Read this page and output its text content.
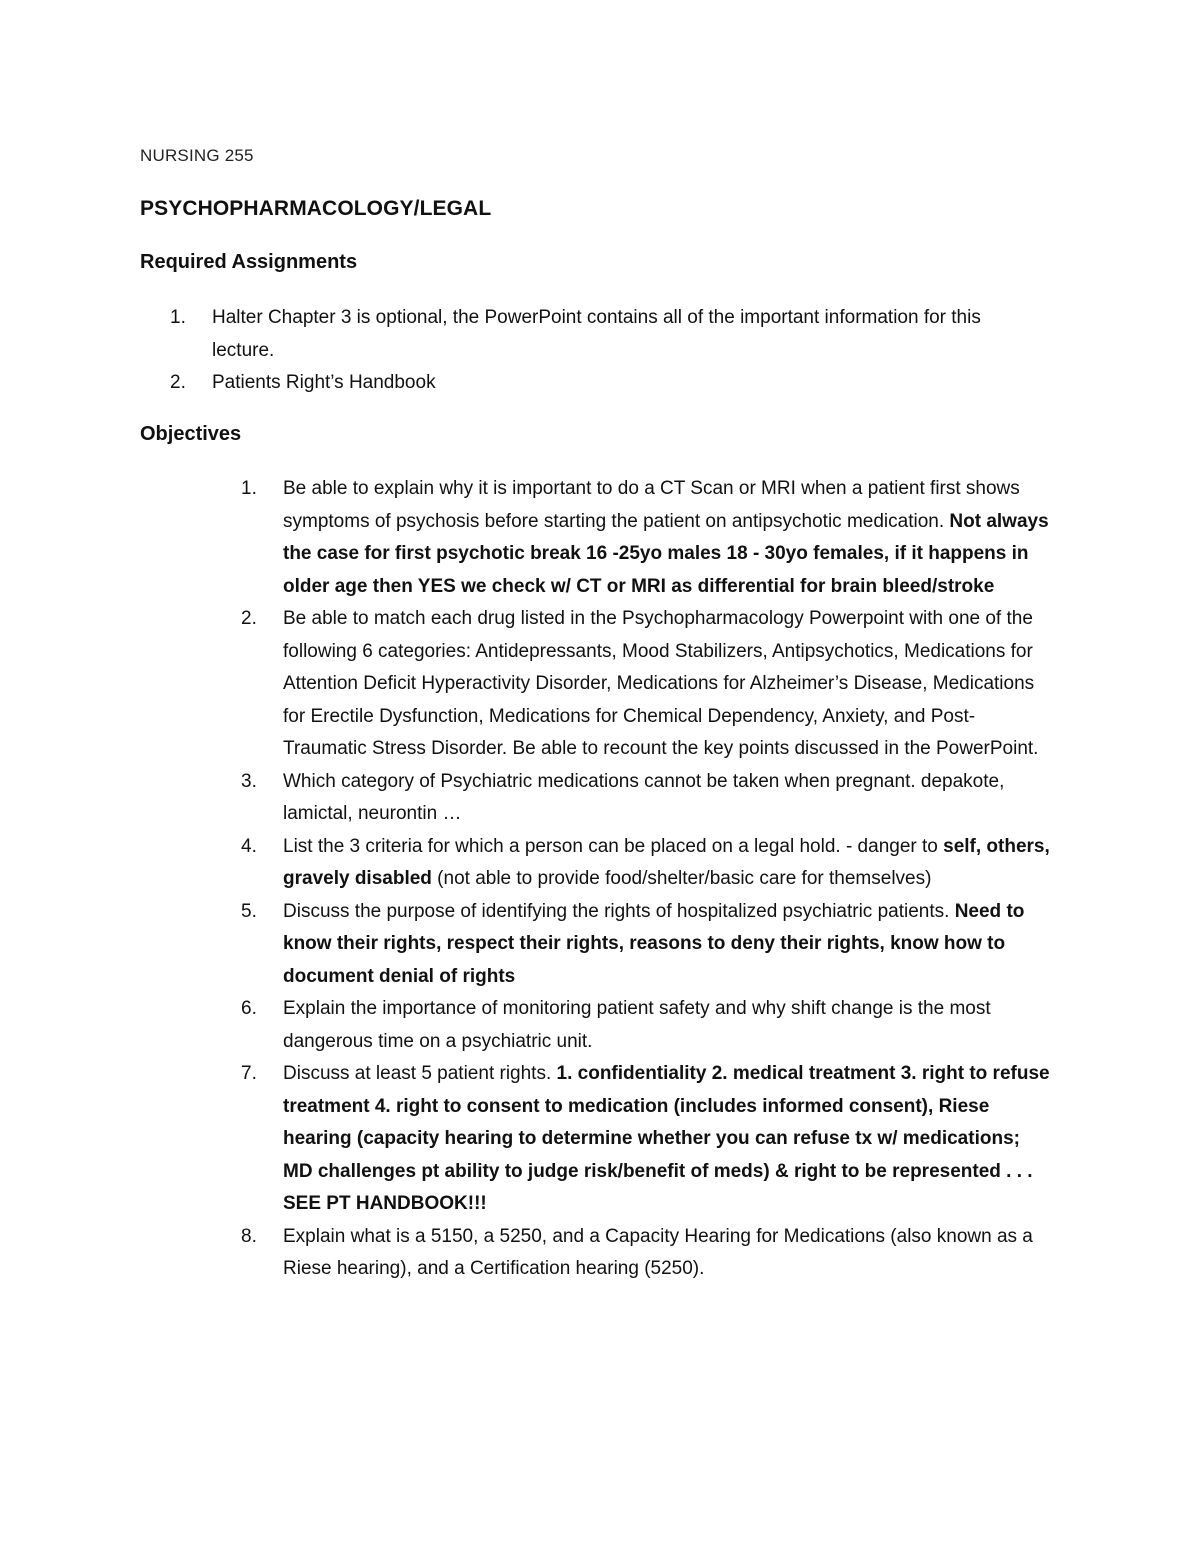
NURSING 255
PSYCHOPHARMACOLOGY/LEGAL
Required Assignments
1.	Halter Chapter 3 is optional, the PowerPoint contains all of the important information for this lecture.
2.	Patients Right’s Handbook
Objectives
1.	Be able to explain why it is important to do a CT Scan or MRI when a patient first shows symptoms of psychosis before starting the patient on antipsychotic medication. Not always the case for first psychotic break 16 -25yo males 18 - 30yo females, if it happens in older age then YES we check w/ CT or MRI as differential for brain bleed/stroke
2.	Be able to match each drug listed in the Psychopharmacology Powerpoint with one of the following 6 categories: Antidepressants, Mood Stabilizers, Antipsychotics, Medications for Attention Deficit Hyperactivity Disorder, Medications for Alzheimer’s Disease, Medications for Erectile Dysfunction, Medications for Chemical Dependency, Anxiety, and Post-Traumatic Stress Disorder. Be able to recount the key points discussed in the PowerPoint.
3.	Which category of Psychiatric medications cannot be taken when pregnant. depakote, lamictal, neurontin …
4.	List the 3 criteria for which a person can be placed on a legal hold. - danger to self, others, gravely disabled (not able to provide food/shelter/basic care for themselves)
5.	Discuss the purpose of identifying the rights of hospitalized psychiatric patients. Need to know their rights, respect their rights, reasons to deny their rights, know how to document denial of rights
6.	Explain the importance of monitoring patient safety and why shift change is the most dangerous time on a psychiatric unit.
7.	Discuss at least 5 patient rights. 1. confidentiality 2. medical treatment 3. right to refuse treatment 4. right to consent to medication (includes informed consent), Riese hearing (capacity hearing to determine whether you can refuse tx w/ medications; MD challenges pt ability to judge risk/benefit of meds) & right to be represented . . . SEE PT HANDBOOK!!!
8.	Explain what is a 5150, a 5250, and a Capacity Hearing for Medications (also known as a Riese hearing), and a Certification hearing (5250).
